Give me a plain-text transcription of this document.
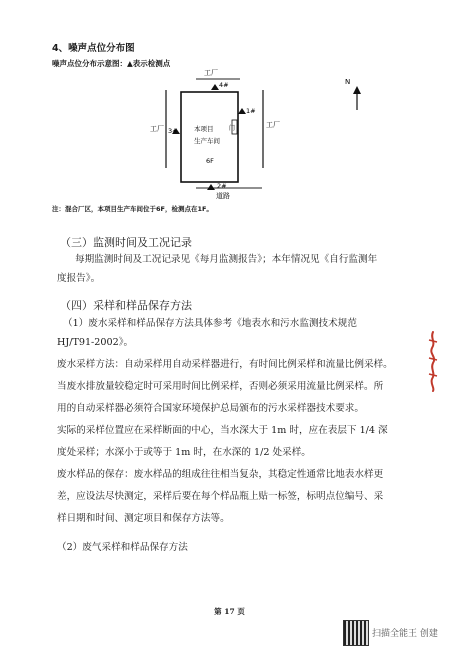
4、噪声点位分布图
噪声点位分布示意图：▲表示检测点
工厂
4#
1#
工厂 3#
工厂
本项目
生产车间
6F
门
2#
道路
N
注：混合厂区，本项目生产车间位于6F，检测点在1F。
（三）监测时间及工况记录
每期监测时间及工况记录见《每月监测报告》；本年情况见《自行监测年
度报告》。
（四）采样和样品保存方法
（1）废水采样和样品保存方法具体参考《地表水和污水监测技术规范
HJ/T91-2002》。
废水采样方法：自动采样用自动采样器进行，有时间比例采样和流量比例采样。
当废水排放量较稳定时可采用时间比例采样，否则必须采用流量比例采样。所
用的自动采样器必须符合国家环境保护总局颁布的污水采样器技术要求。
实际的采样位置应在采样断面的中心，当水深大于 1m 时，应在表层下 1/4 深
度处采样；水深小于或等于 1m 时，在水深的 1/2 处采样。
废水样品的保存：废水样品的组成往往相当复杂，其稳定性通常比地表水样更
差，应设法尽快测定，采样后要在每个样品瓶上贴一标签，标明点位编号、采
样日期和时间、测定项目和保存方法等。
（2）废气采样和样品保存方法
第 17 页
扫描全能王 创建
